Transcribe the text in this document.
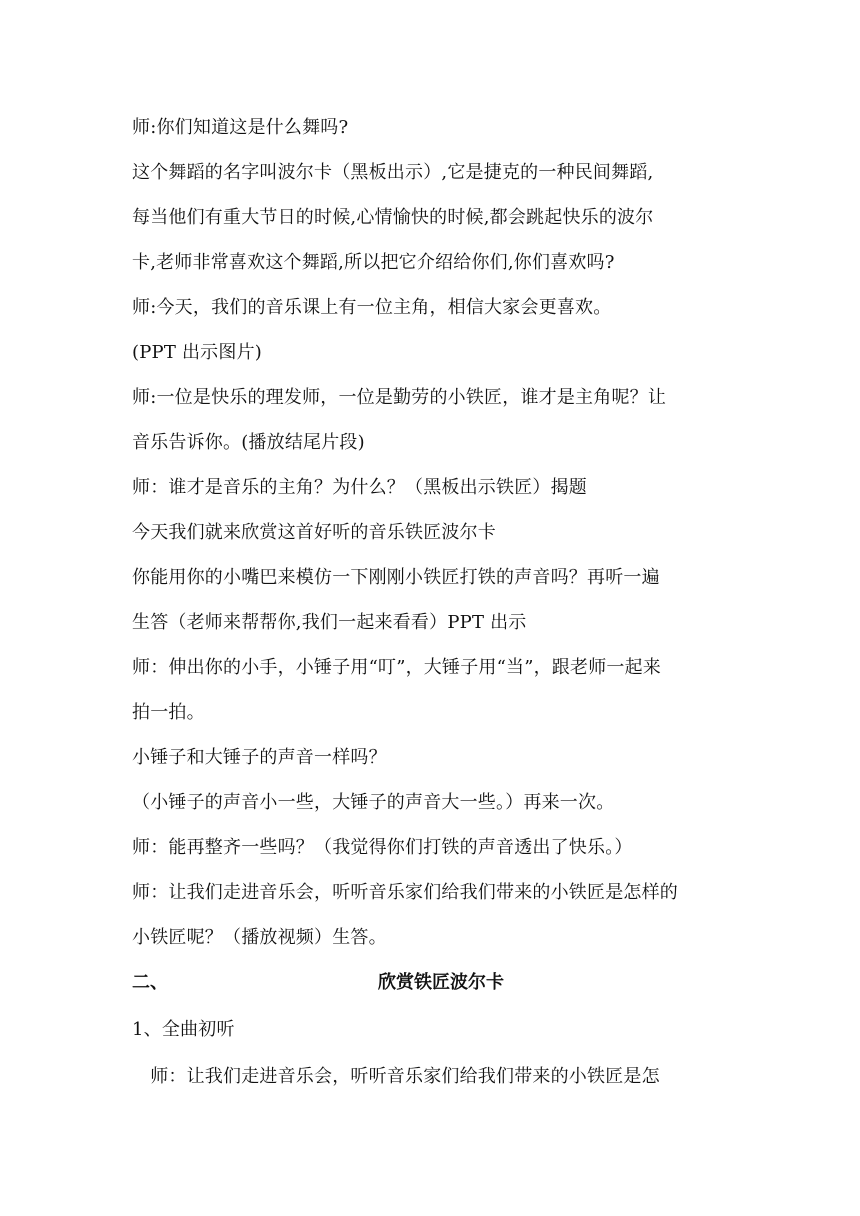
师:你们知道这是什么舞吗?
这个舞蹈的名字叫波尔卡（黑板出示）,它是捷克的一种民间舞蹈,
每当他们有重大节日的时候,心情愉快的时候,都会跳起快乐的波尔
卡,老师非常喜欢这个舞蹈,所以把它介绍给你们,你们喜欢吗?
师:今天，我们的音乐课上有一位主角，相信大家会更喜欢。
(PPT 出示图片)
师:一位是快乐的理发师，一位是勤劳的小铁匠，谁才是主角呢？让
音乐告诉你。(播放结尾片段)
师：谁才是音乐的主角？为什么？（黑板出示铁匠）揭题
今天我们就来欣赏这首好听的音乐铁匠波尔卡
你能用你的小嘴巴来模仿一下刚刚小铁匠打铁的声音吗？再听一遍
生答（老师来帮帮你,我们一起来看看）PPT 出示
师：伸出你的小手，小锤子用“叮”，大锤子用“当”，跟老师一起来
拍一拍。
小锤子和大锤子的声音一样吗？
（小锤子的声音小一些，大锤子的声音大一些。）再来一次。
师：能再整齐一些吗？（我觉得你们打铁的声音透出了快乐。）
师：让我们走进音乐会，听听音乐家们给我们带来的小铁匠是怎样的
小铁匠呢？（播放视频）生答。
二、	欣赏铁匠波尔卡
1、全曲初听
　师：让我们走进音乐会，听听音乐家们给我们带来的小铁匠是怎
